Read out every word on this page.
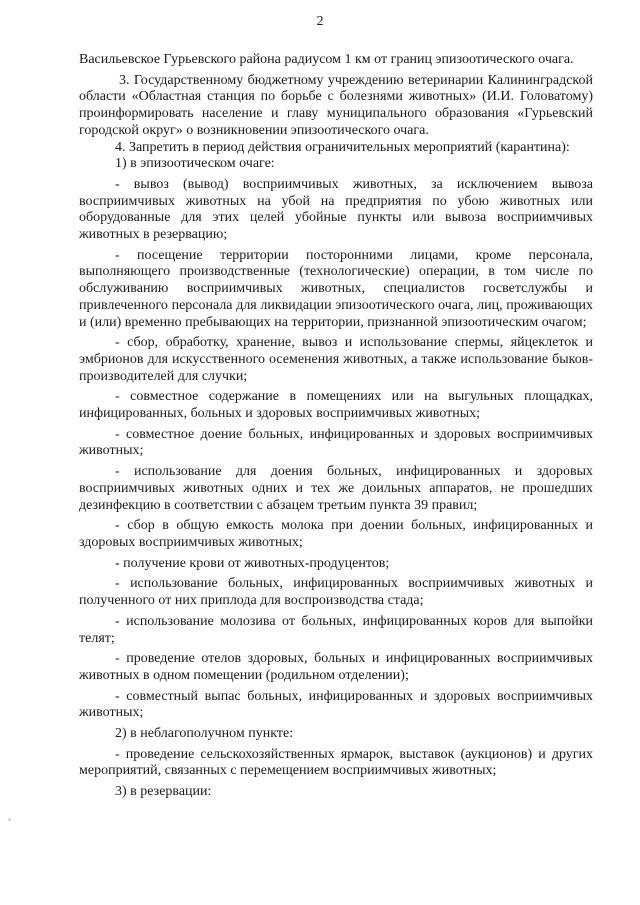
2

Васильевское Гурьевского района радиусом 1 км от границ эпизоотического очага.

3. Государственному бюджетному учреждению ветеринарии Калининградской области «Областная станция по борьбе с болезнями животных» (И.И. Головатому) проинформировать население и главу муниципального образования «Гурьевский городской округ» о возникновении эпизоотического очага.

4. Запретить в период действия ограничительных мероприятий (карантина):

1) в эпизоотическом очаге:

- вывоз (вывод) восприимчивых животных, за исключением вывоза восприимчивых животных на убой на предприятия по убою животных или оборудованные для этих целей убойные пункты или вывоза восприимчивых животных в резервацию;

- посещение территории посторонними лицами, кроме персонала, выполняющего производственные (технологические) операции, в том числе по обслуживанию восприимчивых животных, специалистов госветслужбы и привлеченного персонала для ликвидации эпизоотического очага, лиц, проживающих и (или) временно пребывающих на территории, признанной эпизоотическим очагом;

- сбор, обработку, хранение, вывоз и использование спермы, яйцеклеток и эмбрионов для искусственного осеменения животных, а также использование быков-производителей для случки;

- совместное содержание в помещениях или на выгульных площадках, инфицированных, больных и здоровых восприимчивых животных;

- совместное доение больных, инфицированных и здоровых восприимчивых животных;

- использование для доения больных, инфицированных и здоровых восприимчивых животных одних и тех же доильных аппаратов, не прошедших дезинфекцию в соответствии с абзацем третьим пункта 39 правил;

- сбор в общую емкость молока при доении больных, инфицированных и здоровых восприимчивых животных;

- получение крови от животных-продуцентов;

- использование больных, инфицированных восприимчивых животных и полученного от них приплода для воспроизводства стада;

- использование молозива от больных, инфицированных коров для выпойки телят;

- проведение отелов здоровых, больных и инфицированных восприимчивых животных в одном помещении (родильном отделении);

- совместный выпас больных, инфицированных и здоровых восприимчивых животных;

2) в неблагополучном пункте:

- проведение сельскохозяйственных ярмарок, выставок (аукционов) и других мероприятий, связанных с перемещением восприимчивых животных;

3) в резервации:
